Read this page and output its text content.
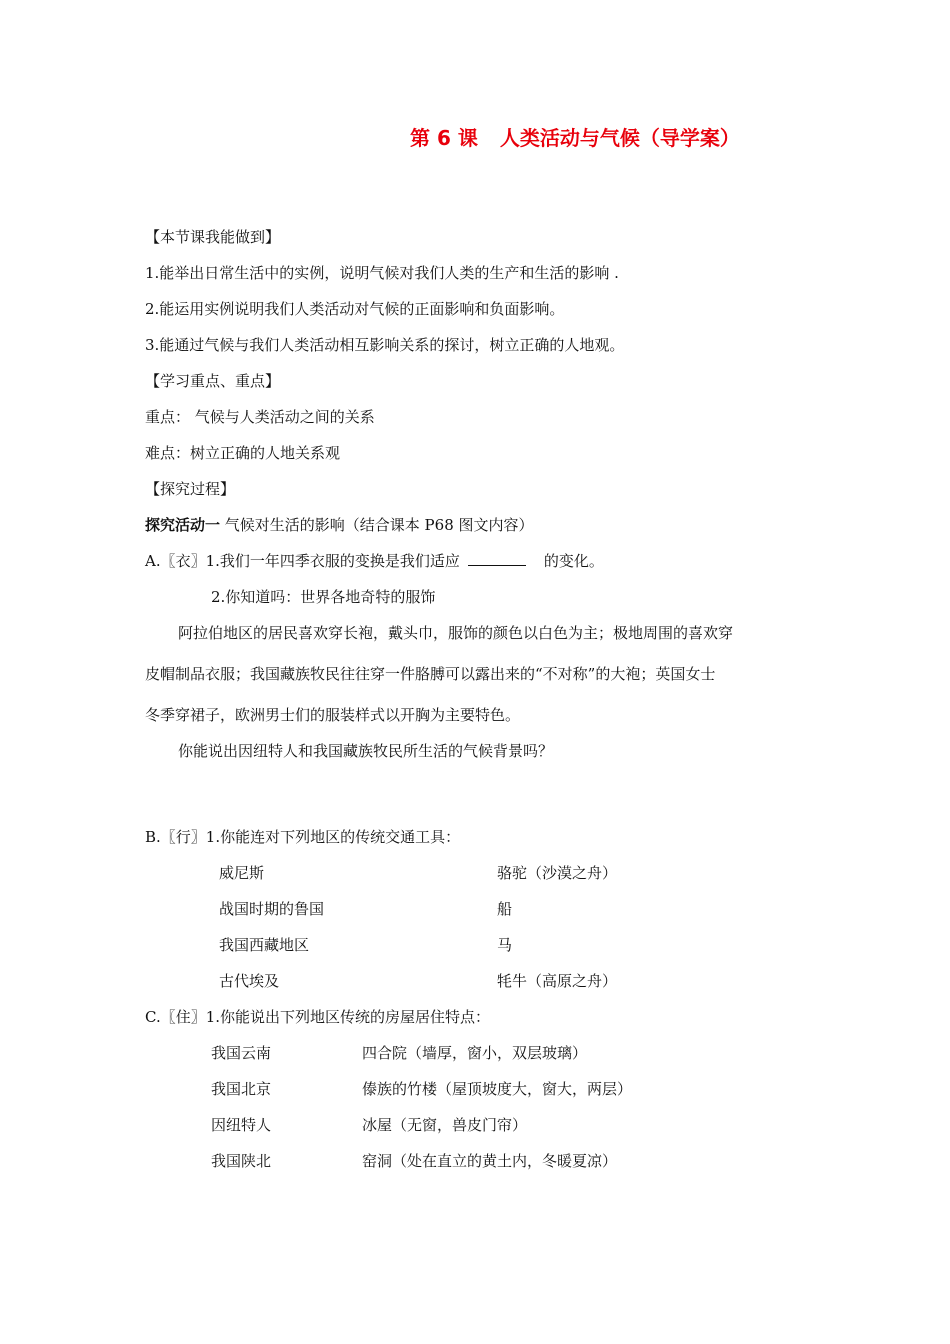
第 6 课 人类活动与气候（导学案）
【本节课我能做到】
1.能举出日常生活中的实例，说明气候对我们人类的生产和生活的影响 .
2.能运用实例说明我们人类活动对气候的正面影响和负面影响。
3.能通过气候与我们人类活动相互影响关系的探讨，树立正确的人地观。
【学习重点、重点】
重点： 气候与人类活动之间的关系
难点：树立正确的人地关系观
【探究过程】
探究活动一 气候对生活的影响（结合课本 P68 图文内容）
A.〖衣〗1.我们一年四季衣服的变换是我们适应	的变化。
2.你知道吗：世界各地奇特的服饰
阿拉伯地区的居民喜欢穿长袍，戴头巾，服饰的颜色以白色为主；极地周围的喜欢穿
皮帽制品衣服；我国藏族牧民往往穿一件胳膊可以露出来的“不对称”的大袍；英国女士
冬季穿裙子，欧洲男士们的服装样式以开胸为主要特色。
你能说出因纽特人和我国藏族牧民所生活的气候背景吗？
B.〖行〗1.你能连对下列地区的传统交通工具：
威尼斯	骆驼（沙漠之舟）
战国时期的鲁国	船
我国西藏地区	马
古代埃及	牦牛（高原之舟）
C.〖住〗1.你能说出下列地区传统的房屋居住特点：
我国云南	四合院（墙厚，窗小，双层玻璃）
我国北京	傣族的竹楼（屋顶坡度大，窗大，两层）
因纽特人	冰屋（无窗，兽皮门帘）
我国陕北	窑洞（处在直立的黄土内，冬暖夏凉）
